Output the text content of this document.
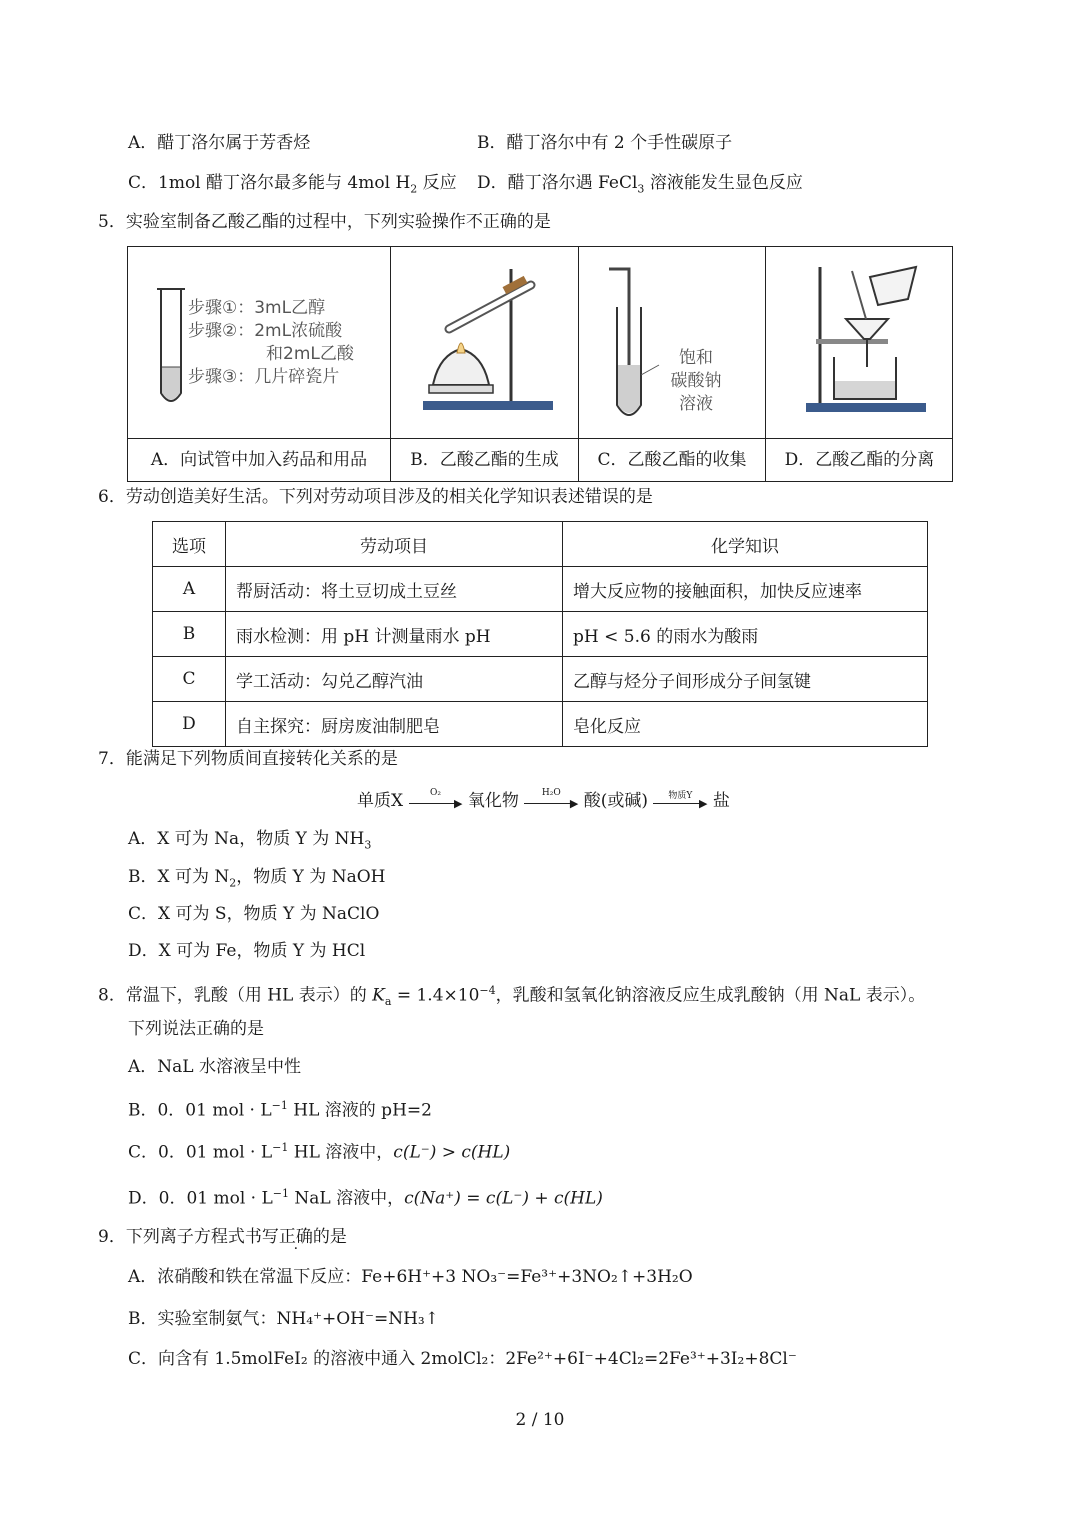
A．醋丁洛尔属于芳香烃	B．醋丁洛尔中有 2 个手性碳原子
C．1mol 醋丁洛尔最多能与 4mol $H_2$ 反应 D．醋丁洛尔遇 FeCl$_3$ 溶液能发生显色反应
5．实验室制备乙酸乙酯的过程中，下列实验操作不正确的是
步骤①：3mL乙醇
步骤②：2mL浓硫酸
和2mL乙酸
步骤③：几片碎瓷片
饱和
碳酸钠
溶液
A．向试管中加入药品和用品	B．乙酸乙酯的生成	C．乙酸乙酯的收集	D．乙酸乙酯的分离
6．劳动创造美好生活。下列对劳动项目涉及的相关化学知识表述错误的是
选项	劳动项目	化学知识
A	帮厨活动：将土豆切成土豆丝	增大反应物的接触面积，加快反应速率
B	雨水检测：用 pH 计测量雨水 pH	pH < 5.6 的雨水为酸雨
C	学工活动：勾兑乙醇汽油	乙醇与烃分子间形成分子间氢键
D	自主探究：厨房废油制肥皂	皂化反应
7．能满足下列物质间直接转化关系的是
单质X	O₂
▶ 氧化物	H₂O
▶ 酸(或碱)	物质Y
▶ 盐
A．X 可为 Na，物质 Y 为 $NH_3$
B．X 可为 $N_2$，物质 Y 为 NaOH
C．X 可为 S，物质 Y 为 NaClO
D．X 可为 Fe，物质 Y 为 HCl
8．常温下，乳酸（用 HL 表示）的 $K_a = 1.4\times 10^{-4}$，乳酸和氢氧化钠溶液反应生成乳酸钠（用 NaL 表示）。
下列说法正确的是
A．NaL 水溶液呈中性
B．0．01 mol · $L^{-1}$ HL 溶液的 pH=2
C．0．01 mol · $L^{-1}$ HL 溶液中，c(L⁻) > c(HL)
D．0．01 mol · $L^{-1}$ NaL 溶液中，c(Na⁺) = c(L⁻) + c(HL)
9．下列离子方程式书写正确的是
A．浓硝酸和铁在常温下反应：Fe+6H⁺+3 NO₃⁻=Fe³⁺+3NO₂↑+3H₂O
B．实验室制氨气：NH₄⁺+OH⁻=NH₃↑
C．向含有 1.5molFeI₂ 的溶液中通入 2molCl₂：2Fe²⁺+6I⁻+4Cl₂=2Fe³⁺+3I₂+8Cl⁻
2 / 10
